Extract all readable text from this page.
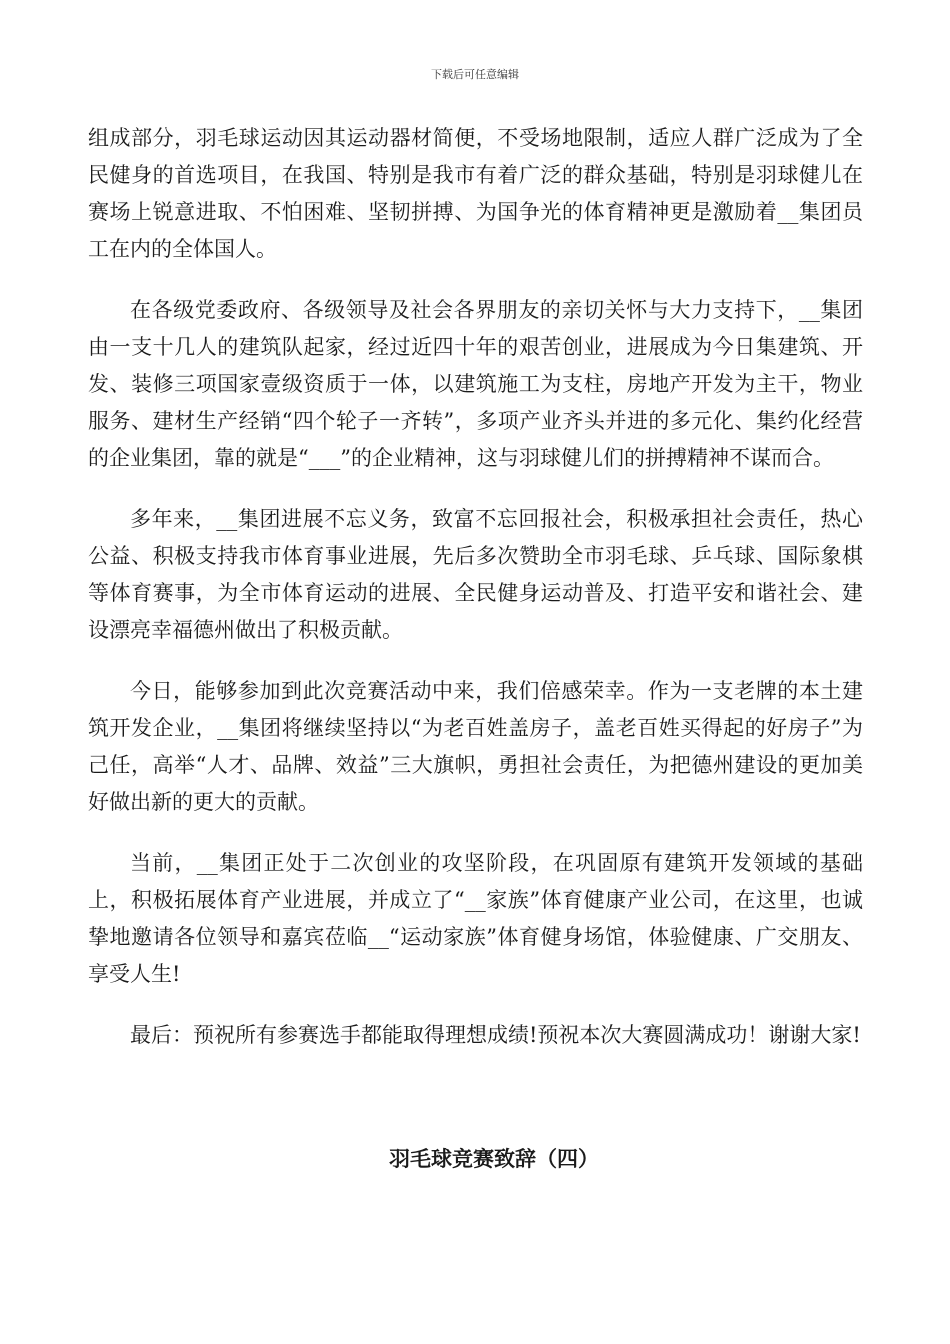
下载后可任意编辑

组成部分，羽毛球运动因其运动器材简便，不受场地限制，适应人群广泛成为了全民健身的首选项目，在我国、特别是我市有着广泛的群众基础，特别是羽球健儿在赛场上锐意进取、不怕困难、坚韧拼搏、为国争光的体育精神更是激励着__集团员工在内的全体国人。

在各级党委政府、各级领导及社会各界朋友的亲切关怀与大力支持下，__集团由一支十几人的建筑队起家，经过近四十年的艰苦创业，进展成为今日集建筑、开发、装修三项国家壹级资质于一体，以建筑施工为支柱，房地产开发为主干，物业服务、建材生产经销“四个轮子一齐转”，多项产业齐头并进的多元化、集约化经营的企业集团，靠的就是“___”的企业精神，这与羽球健儿们的拼搏精神不谋而合。

多年来，__集团进展不忘义务，致富不忘回报社会，积极承担社会责任，热心公益、积极支持我市体育事业进展，先后多次赞助全市羽毛球、乒乓球、国际象棋等体育赛事，为全市体育运动的进展、全民健身运动普及、打造平安和谐社会、建设漂亮幸福德州做出了积极贡献。

今日，能够参加到此次竞赛活动中来，我们倍感荣幸。作为一支老牌的本土建筑开发企业，__集团将继续坚持以“为老百姓盖房子，盖老百姓买得起的好房子”为己任，高举“人才、品牌、效益”三大旗帜，勇担社会责任，为把德州建设的更加美好做出新的更大的贡献。

当前，__集团正处于二次创业的攻坚阶段，在巩固原有建筑开发领域的基础上，积极拓展体育产业进展，并成立了“__家族”体育健康产业公司，在这里，也诚挚地邀请各位领导和嘉宾莅临__“运动家族”体育健身场馆，体验健康、广交朋友、享受人生!

最后：预祝所有参赛选手都能取得理想成绩!预祝本次大赛圆满成功！谢谢大家!

羽毛球竞赛致辞（四）
